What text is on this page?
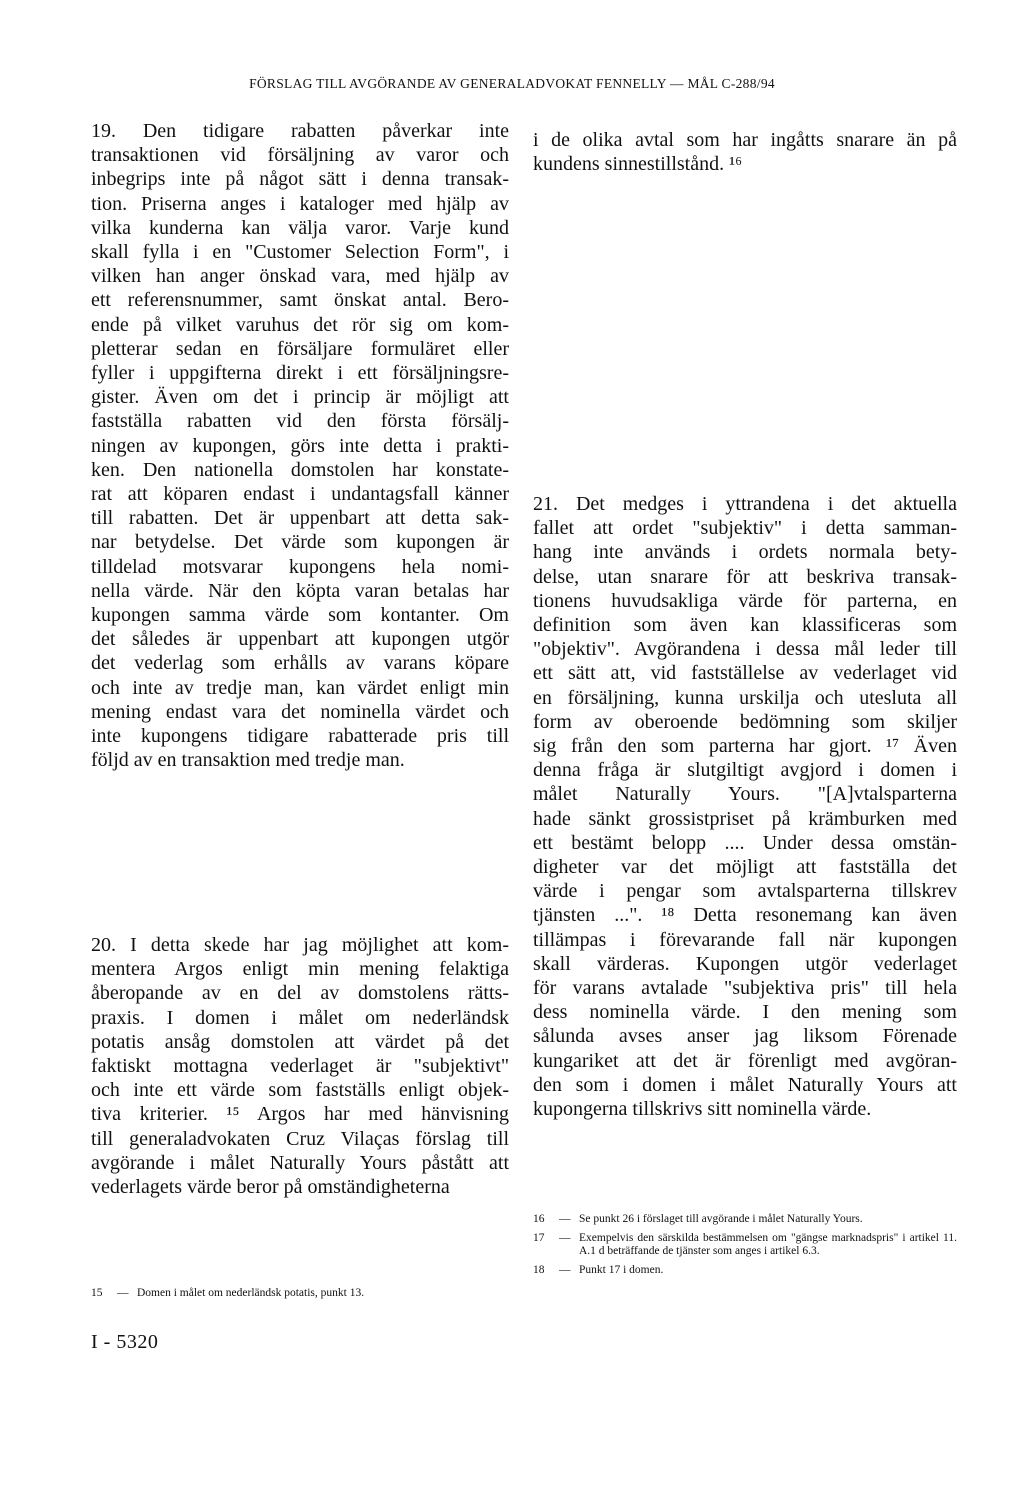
FÖRSLAG TILL AVGÖRANDE AV GENERALADVOKAT FENNELLY — MÅL C-288/94
19. Den tidigare rabatten påverkar inte
transaktionen vid försäljning av varor och
inbegrips inte på något sätt i denna transak-
tion. Priserna anges i kataloger med hjälp av
vilka kunderna kan välja varor. Varje kund
skall fylla i en "Customer Selection Form", i
vilken han anger önskad vara, med hjälp av
ett referensnummer, samt önskat antal. Bero-
ende på vilket varuhus det rör sig om kom-
pletterar sedan en försäljare formuläret eller
fyller i uppgifterna direkt i ett försäljningsre-
gister. Även om det i princip är möjligt att
fastställa rabatten vid den första försälj-
ningen av kupongen, görs inte detta i prakti-
ken. Den nationella domstolen har konstate-
rat att köparen endast i undantagsfall känner
till rabatten. Det är uppenbart att detta sak-
nar betydelse. Det värde som kupongen är
tilldelad motsvarar kupongens hela nomi-
nella värde. När den köpta varan betalas har
kupongen samma värde som kontanter. Om
det således är uppenbart att kupongen utgör
det vederlag som erhålls av varans köpare
och inte av tredje man, kan värdet enligt min
mening endast vara det nominella värdet och
inte kupongens tidigare rabatterade pris till
följd av en transaktion med tredje man.
20. I detta skede har jag möjlighet att kom-
mentera Argos enligt min mening felaktiga
åberopande av en del av domstolens rätts-
praxis. I domen i målet om nederländsk
potatis ansåg domstolen att värdet på det
faktiskt mottagna vederlaget är "subjektivt"
och inte ett värde som fastställs enligt objek-
tiva kriterier. ¹⁵ Argos har med hänvisning
till generaladvokaten Cruz Vilaças förslag till
avgörande i målet Naturally Yours påstått att
vederlagets värde beror på omständigheterna
i de olika avtal som har ingåtts snarare än på
kundens sinnestillstånd. ¹⁶
21. Det medges i yttrandena i det aktuella
fallet att ordet "subjektiv" i detta samman-
hang inte används i ordets normala bety-
delse, utan snarare för att beskriva transak-
tionens huvudsakliga värde för parterna, en
definition som även kan klassificeras som
"objektiv". Avgörandena i dessa mål leder till
ett sätt att, vid fastställelse av vederlaget vid
en försäljning, kunna urskilja och utesluta all
form av oberoende bedömning som skiljer
sig från den som parterna har gjort. ¹⁷ Även
denna fråga är slutgiltigt avgjord i domen i
målet Naturally Yours. "[A]vtalsparterna
hade sänkt grossistpriset på krämburken med
ett bestämt belopp .... Under dessa omstän-
digheter var det möjligt att fastställa det
värde i pengar som avtalsparterna tillskrev
tjänsten ...". ¹⁸ Detta resonemang kan även
tillämpas i förevarande fall när kupongen
skall värderas. Kupongen utgör vederlaget
för varans avtalade "subjektiva pris" till hela
dess nominella värde. I den mening som
sålunda avses anser jag liksom Förenade
kungariket att det är förenligt med avgöran-
den som i domen i målet Naturally Yours att
kupongerna tillskrivs sitt nominella värde.
15	— Domen i målet om nederländsk potatis, punkt 13.
16	— Se punkt 26 i förslaget till avgörande i målet Naturally Yours.
17	— Exempelvis den särskilda bestämmelsen om "gängse marknadspris" i artikel 11. A.1 d beträffande de tjänster som anges i artikel 6.3.
18	— Punkt 17 i domen.
I - 5320
